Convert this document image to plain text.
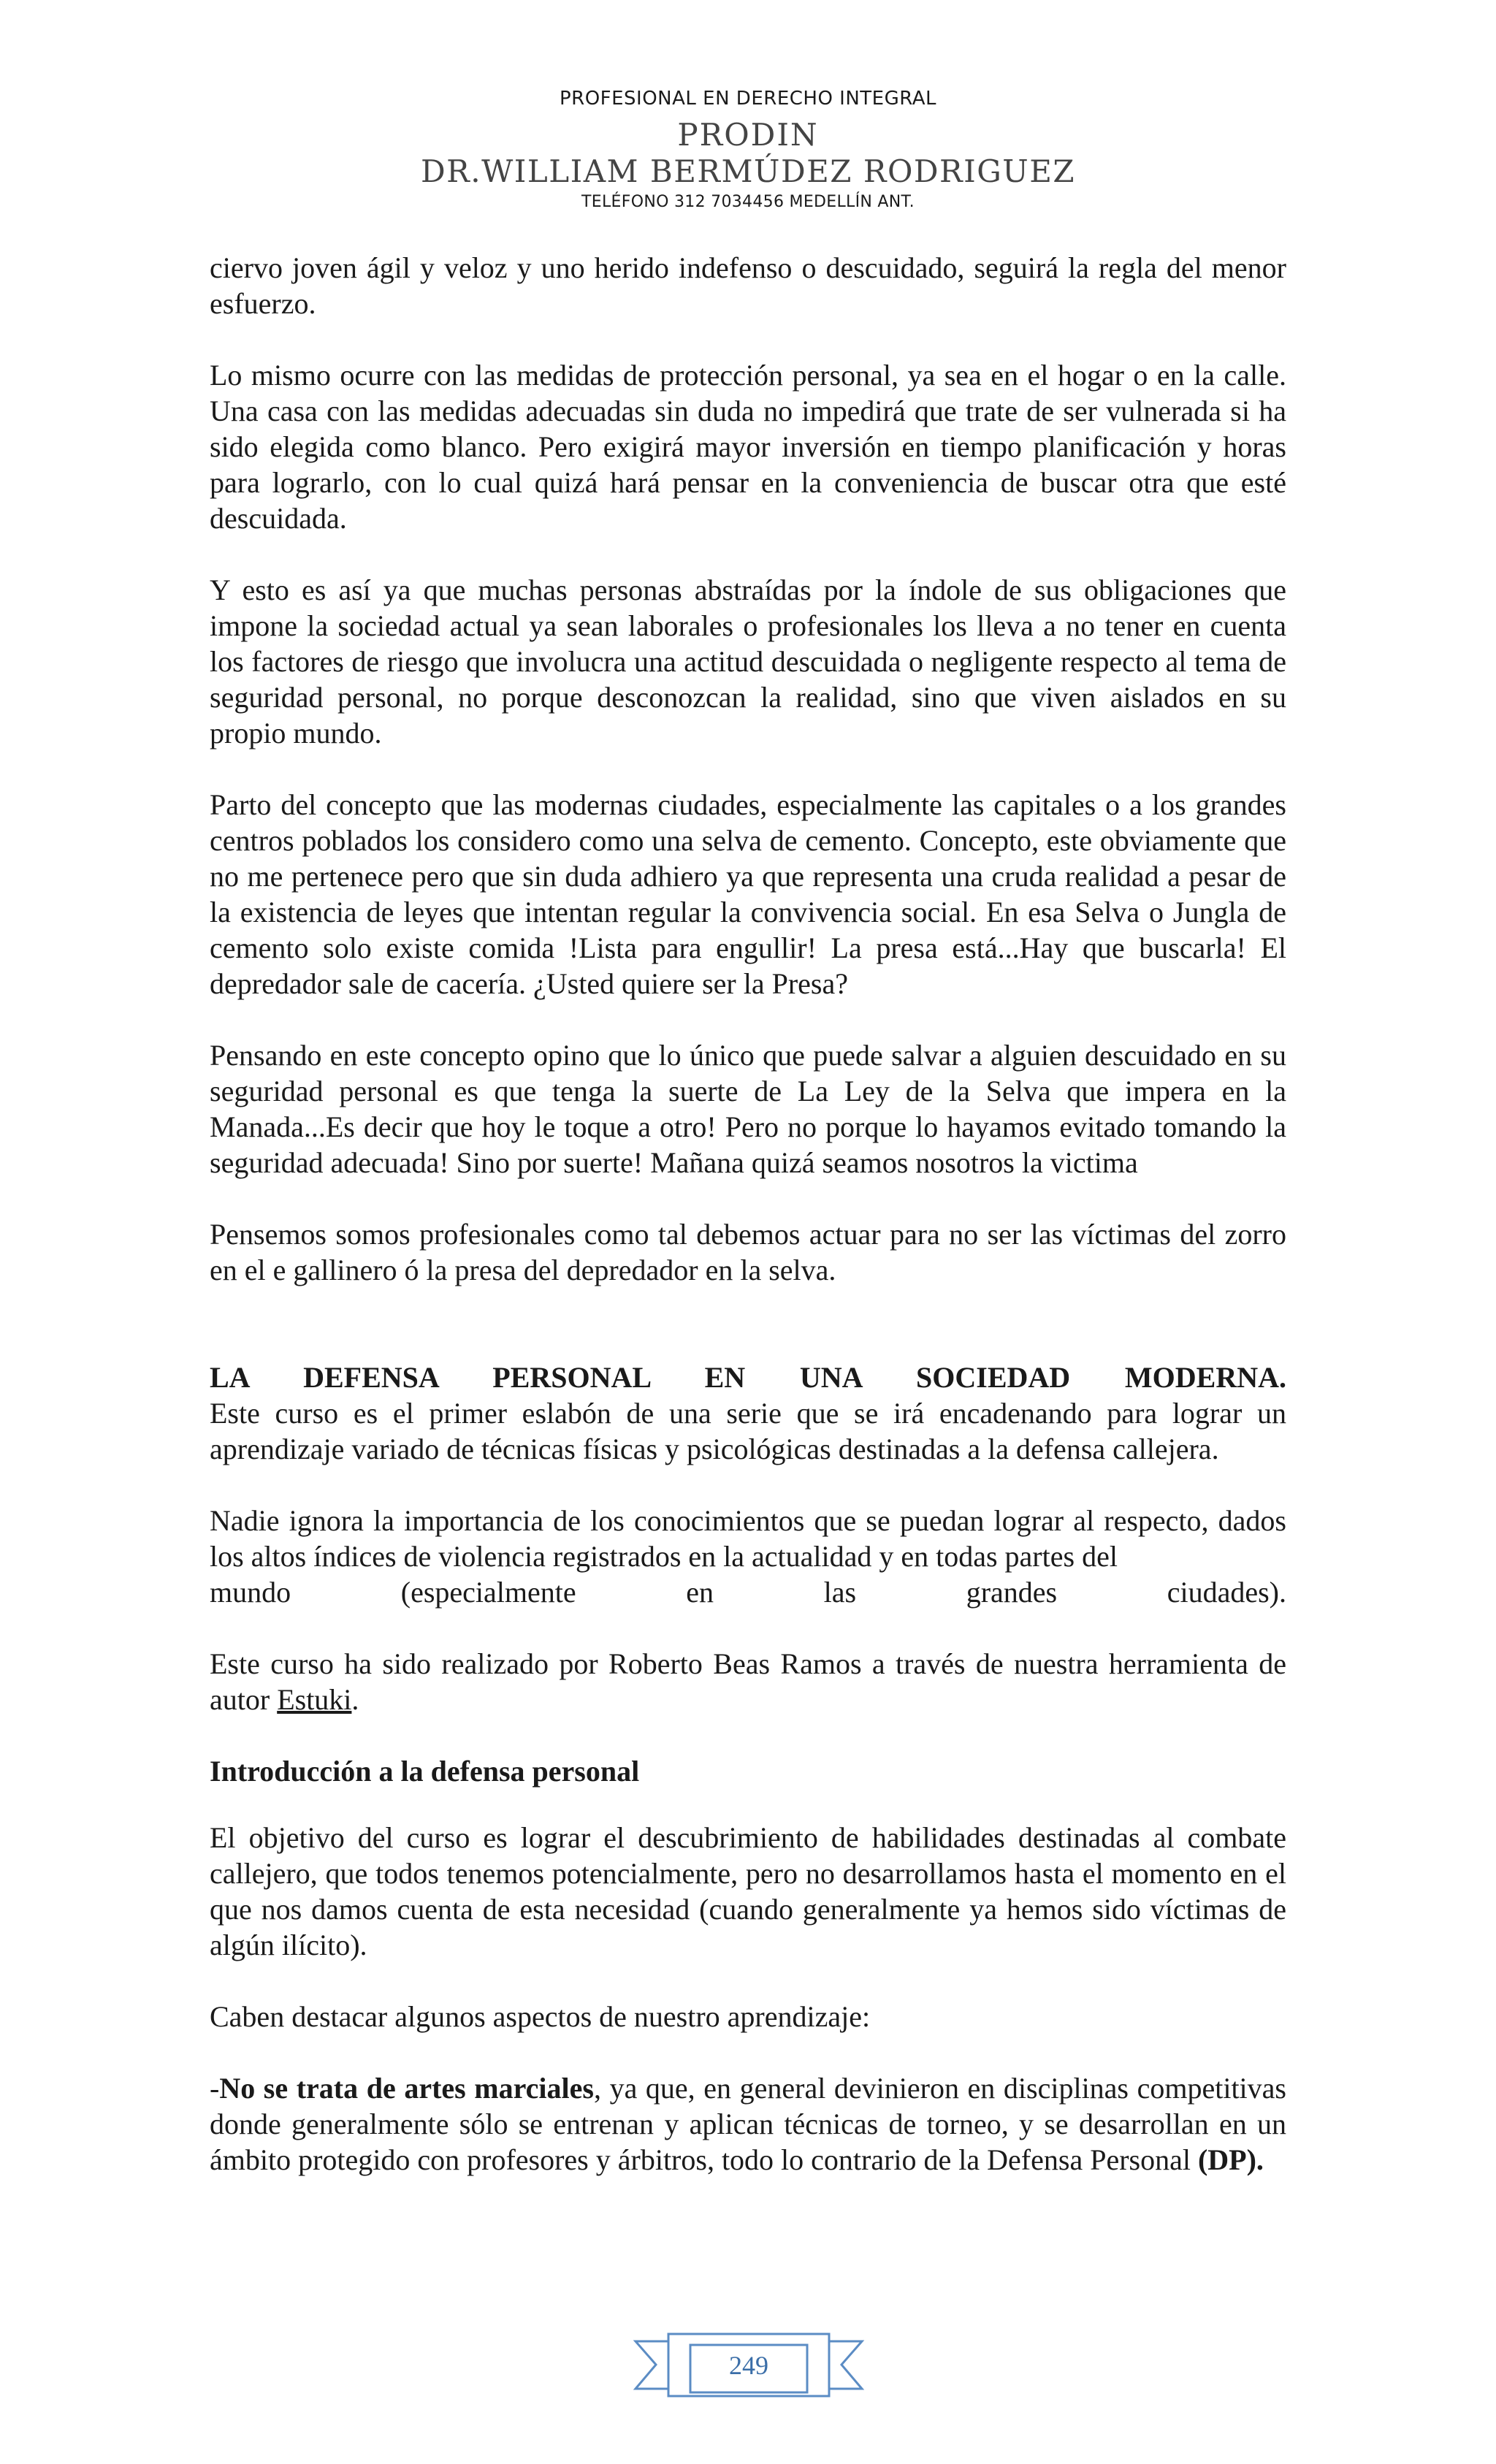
PROFESIONAL EN DERECHO INTEGRAL
PRODIN
DR.WILLIAM BERMÚDEZ RODRIGUEZ
TELÉFONO 312 7034456 MEDELLÍN ANT.

ciervo joven ágil y veloz y uno herido indefenso o descuidado, seguirá la regla del menor esfuerzo.

Lo mismo ocurre con las medidas de protección personal, ya sea en el hogar o en la calle. Una casa con las medidas adecuadas sin duda no impedirá que trate de ser vulnerada si ha sido elegida como blanco. Pero exigirá mayor inversión en tiempo planificación y horas para lograrlo, con lo cual quizá hará pensar en la conveniencia de buscar otra que esté descuidada.

Y esto es así ya que muchas personas abstraídas por la índole de sus obligaciones que impone la sociedad actual ya sean laborales o profesionales los lleva a no tener en cuenta los factores de riesgo que involucra una actitud descuidada o negligente respecto al tema de seguridad personal, no porque desconozcan la realidad, sino que viven aislados en su propio mundo.

Parto del concepto que las modernas ciudades, especialmente las capitales o a los grandes centros poblados los considero como una selva de cemento. Concepto, este obviamente que no me pertenece pero que sin duda adhiero ya que representa una cruda realidad a pesar de la existencia de leyes que intentan regular la convivencia social. En esa Selva o Jungla de cemento solo existe comida !Lista para engullir! La presa está...Hay que buscarla! El depredador sale de cacería. ¿Usted quiere ser la Presa?

Pensando en este concepto opino que lo único que puede salvar a alguien descuidado en su seguridad personal es que tenga la suerte de La Ley de la Selva que impera en la Manada...Es decir que hoy le toque a otro! Pero no porque lo hayamos evitado tomando la seguridad adecuada! Sino por suerte! Mañana quizá seamos nosotros la victima

Pensemos somos profesionales como tal debemos actuar para no ser las víctimas del zorro en el e gallinero ó la presa del depredador en la selva.

LA DEFENSA PERSONAL EN UNA SOCIEDAD MODERNA.

Este curso es el primer eslabón de una serie que se irá encadenando para lograr un aprendizaje variado de técnicas físicas y psicológicas destinadas a la defensa callejera.

Nadie ignora la importancia de los conocimientos que se puedan lograr al respecto, dados los altos índices de violencia registrados en la actualidad y en todas partes del

mundo (especialmente en las grandes ciudades).

Este curso ha sido realizado por Roberto Beas Ramos a través de nuestra herramienta de autor Estuki.

Introducción a la defensa personal

El objetivo del curso es lograr el descubrimiento de habilidades destinadas al combate callejero, que todos tenemos potencialmente, pero no desarrollamos hasta el momento en el que nos damos cuenta de esta necesidad (cuando generalmente ya hemos sido víctimas de algún ilícito).

Caben destacar algunos aspectos de nuestro aprendizaje:

-No se trata de artes marciales, ya que, en general devinieron en disciplinas competitivas donde generalmente sólo se entrenan y aplican técnicas de torneo, y se desarrollan en un ámbito protegido con profesores y árbitros, todo lo contrario de la Defensa Personal (DP).

249
